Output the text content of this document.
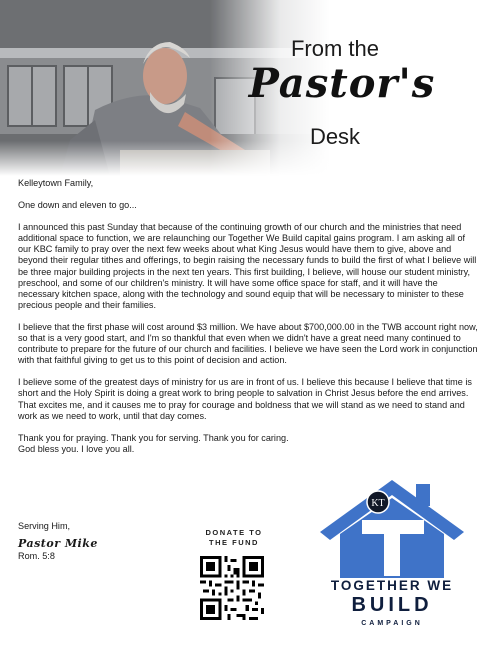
From the
Pastor's
Desk

Kelleytown Family,

One down and eleven to go...

I announced this past Sunday that because of the continuing growth of our church and the ministries that need additional space to function, we are relaunching our Together We Build capital gains program. I am asking all of our KBC family to pray over the next few weeks about what King Jesus would have them to give, above and beyond their regular tithes and offerings, to begin raising the necessary funds to build the first of what I believe will be three major building projects in the next ten years. This first building, I believe, will house our student ministry, preschool, and some of our children's ministry. It will have some office space for staff, and it will have the necessary kitchen space, along with the technology and sound equip that will be necessary to minister to these precious people and their families.

I believe that the first phase will cost around $3 million. We have about $700,000.00 in the TWB account right now, so that is a very good start, and I'm so thankful that even when we didn't have a great need many continued to contribute to prepare for the future of our church and facilities. I believe we have seen the Lord work in conjunction with that faithful giving to get us to this point of decision and action.

I believe some of the greatest days of ministry for us are in front of us. I believe this because I believe that time is short and the Holy Spirit is doing a great work to bring people to salvation in Christ Jesus before the end arrives. That excites me, and it causes me to pray for courage and boldness that we will stand as we need to stand and work as we need to work, until that day comes.

Thank you for praying. Thank you for serving. Thank you for caring.
God bless you. I love you all.

Serving Him,
Pastor Mike
Rom. 5:8
DONATE TO
THE FUND
KT
TOGETHER WE
BUILD
CAMPAIGN
